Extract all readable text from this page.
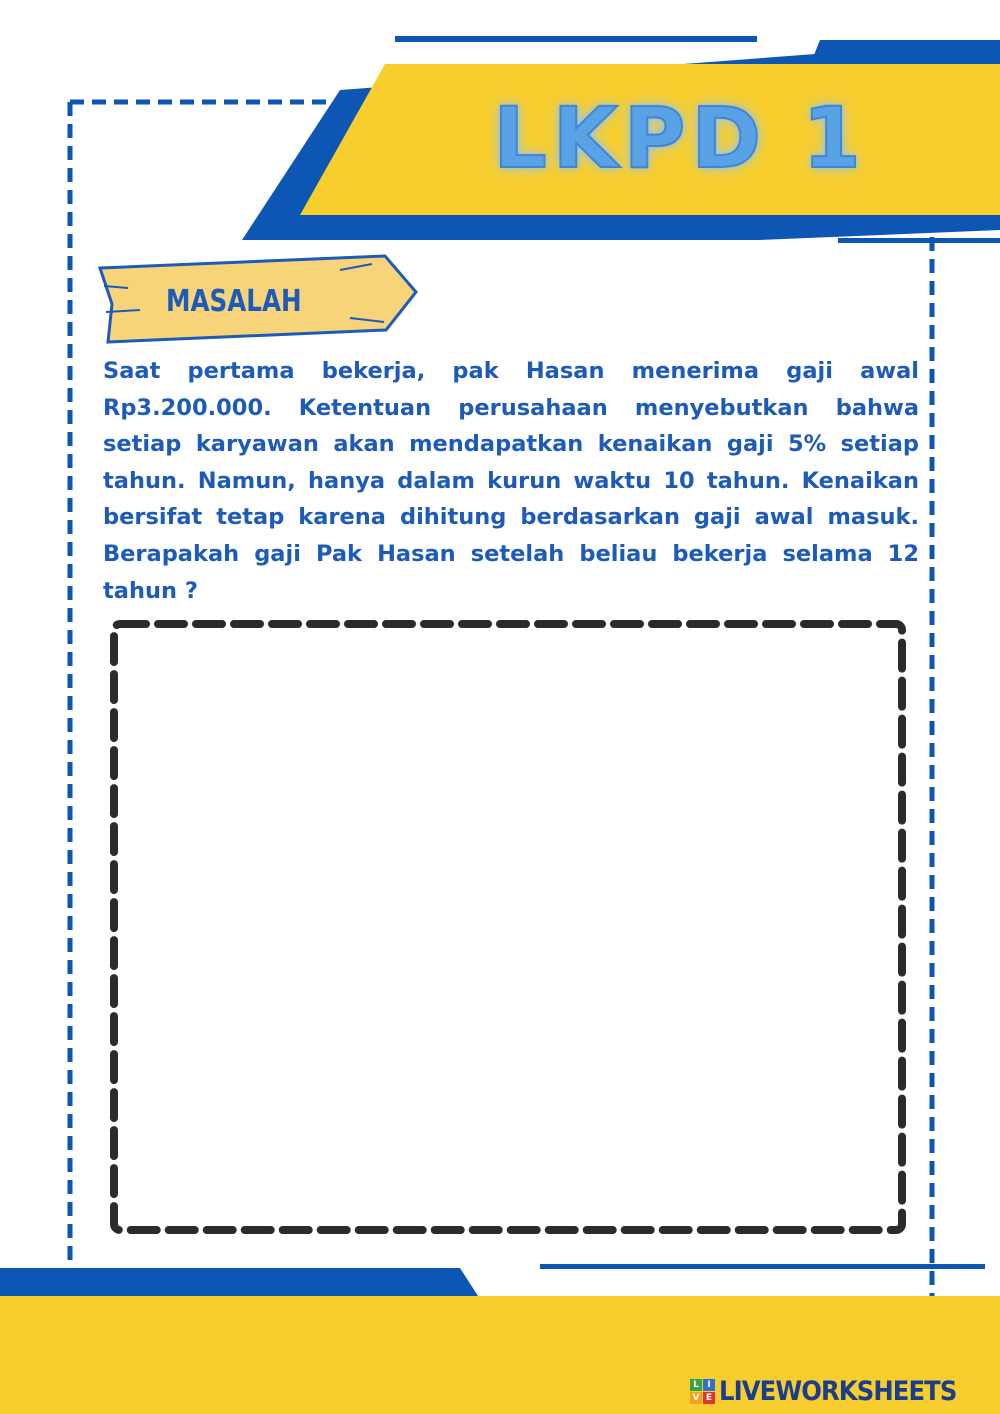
LKPD 1
MASALAH

Saat pertama bekerja, pak Hasan menerima gaji awal Rp3.200.000. Ketentuan perusahaan menyebutkan bahwa setiap karyawan akan mendapatkan kenaikan gaji 5% setiap tahun. Namun, hanya dalam kurun waktu 10 tahun. Kenaikan bersifat tetap karena dihitung berdasarkan gaji awal masuk. Berapakah gaji Pak Hasan setelah beliau bekerja selama 12 tahun ?

L I
V E LIVEWORKSHEETS
